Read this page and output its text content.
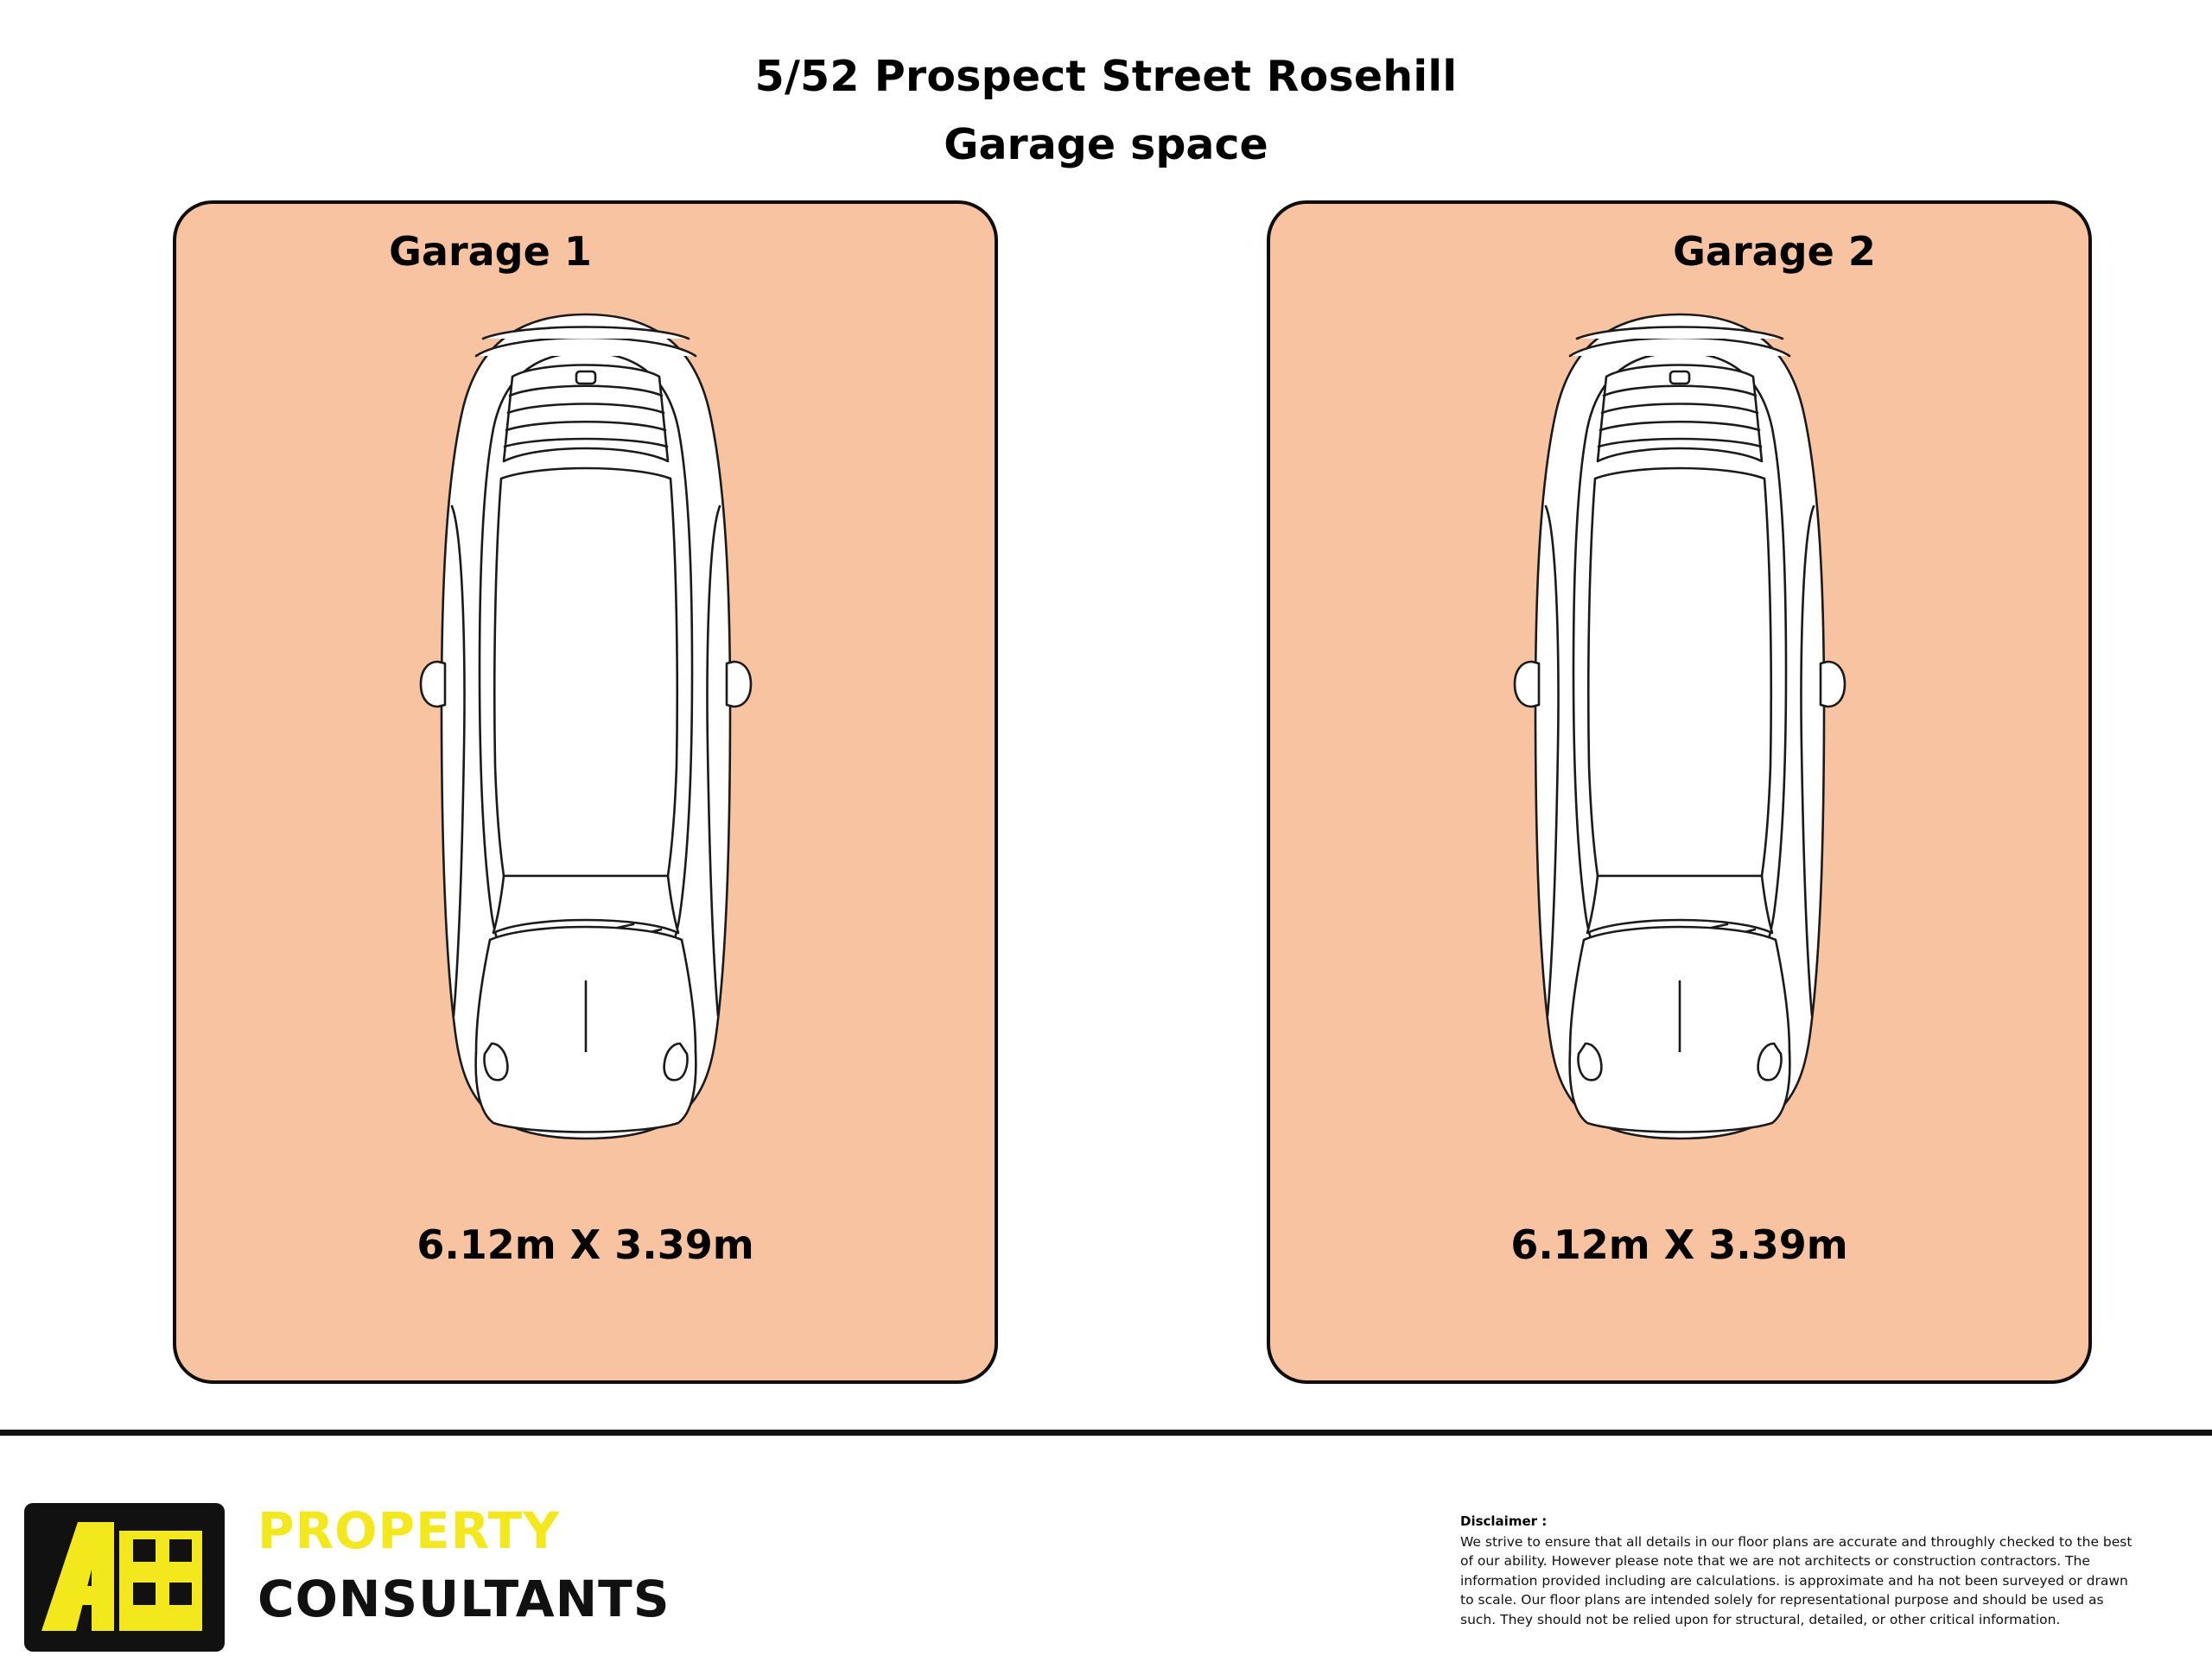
5/52 Prospect Street Rosehill
Garage space
Garage 1
6.12m X 3.39m
Garage 2
6.12m X 3.39m
PROPERTY
CONSULTANTS
Disclaimer :
We strive to ensure that all details in our floor plans are accurate and throughly checked to the best of our ability. However please note that we are not architects or construction contractors. The information provided including are calculations. is approximate and ha not been surveyed or drawn to scale. Our floor plans are intended solely for representational purpose and should be used as such. They should not be relied upon for structural, detailed, or other critical information.
